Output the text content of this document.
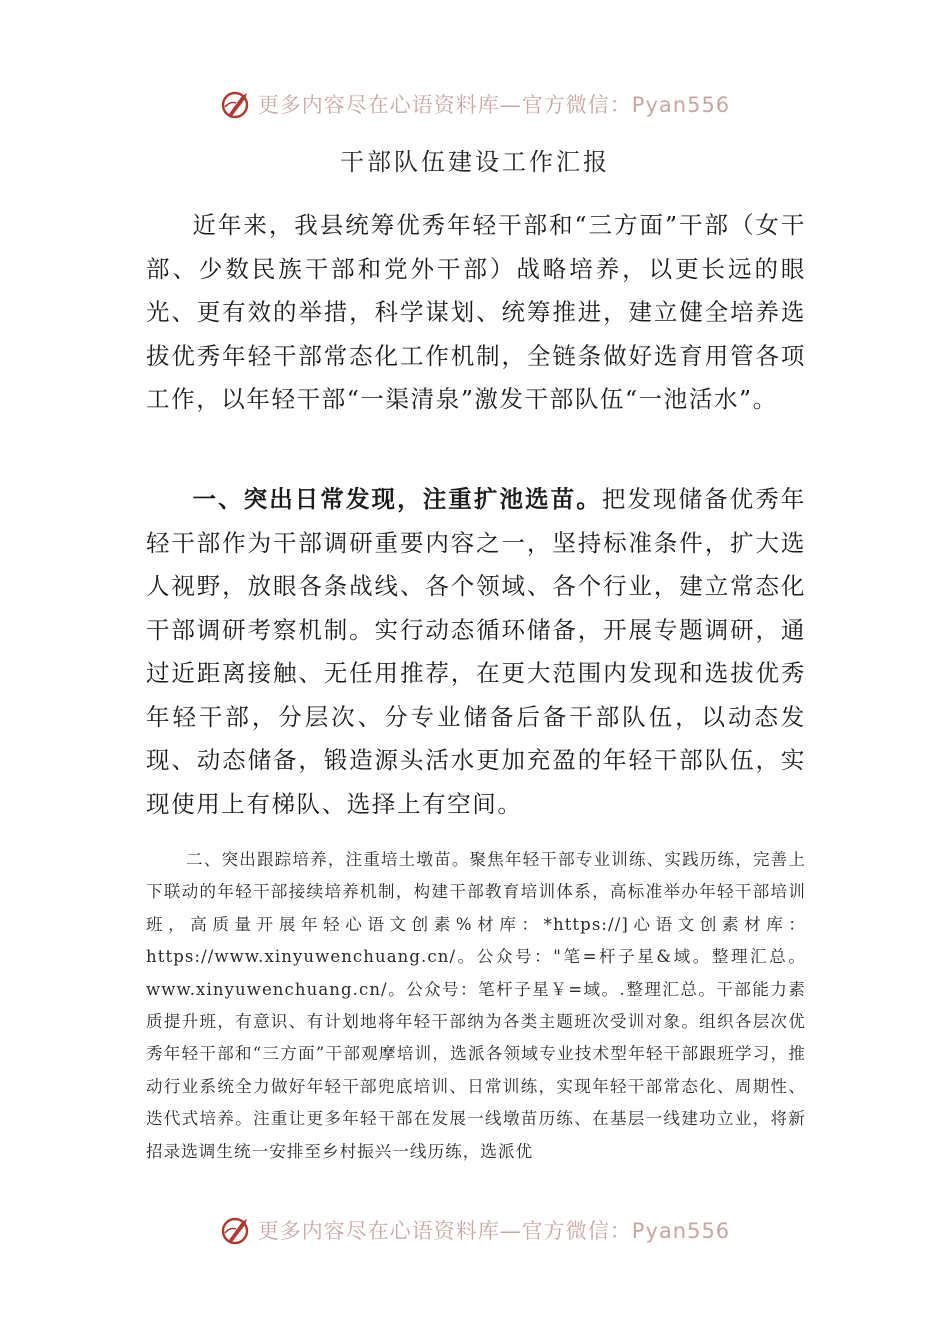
更多内容尽在心语资料库—官方微信：Pyan556
干部队伍建设工作汇报

近年来，我县统筹优秀年轻干部和“三方面”干部（女干部、少数民族干部和党外干部）战略培养，以更长远的眼光、更有效的举措，科学谋划、统筹推进，建立健全培养选拔优秀年轻干部常态化工作机制，全链条做好选育用管各项工作，以年轻干部“一渠清泉”激发干部队伍“一池活水”。

一、突出日常发现，注重扩池选苗。把发现储备优秀年轻干部作为干部调研重要内容之一，坚持标准条件，扩大选人视野，放眼各条战线、各个领域、各个行业，建立常态化干部调研考察机制。实行动态循环储备，开展专题调研，通过近距离接触、无任用推荐，在更大范围内发现和选拔优秀年轻干部，分层次、分专业储备后备干部队伍，以动态发现、动态储备，锻造源头活水更加充盈的年轻干部队伍，实现使用上有梯队、选择上有空间。

二、突出跟踪培养，注重培土墩苗。聚焦年轻干部专业训练、实践历练，完善上下联动的年轻干部接续培养机制，构建干部教育培训体系，高标准举办年轻干部培训班，高质量开展年轻心语文创素%材库：*https://]心语文创素材库：https://www.xinyuwenchuang.cn/。公众号："笔=杆子星&域。整理汇总。www.xinyuwenchuang.cn/。公众号：笔杆子星￥=域。.整理汇总。干部能力素质提升班，有意识、有计划地将年轻干部纳为各类主题班次受训对象。组织各层次优秀年轻干部和“三方面”干部观摩培训，选派各领域专业技术型年轻干部跟班学习，推动行业系统全力做好年轻干部兜底培训、日常训练，实现年轻干部常态化、周期性、迭代式培养。注重让更多年轻干部在发展一线墩苗历练、在基层一线建功立业，将新招录选调生统一安排至乡村振兴一线历练，选派优

更多内容尽在心语资料库—官方微信：Pyan556
